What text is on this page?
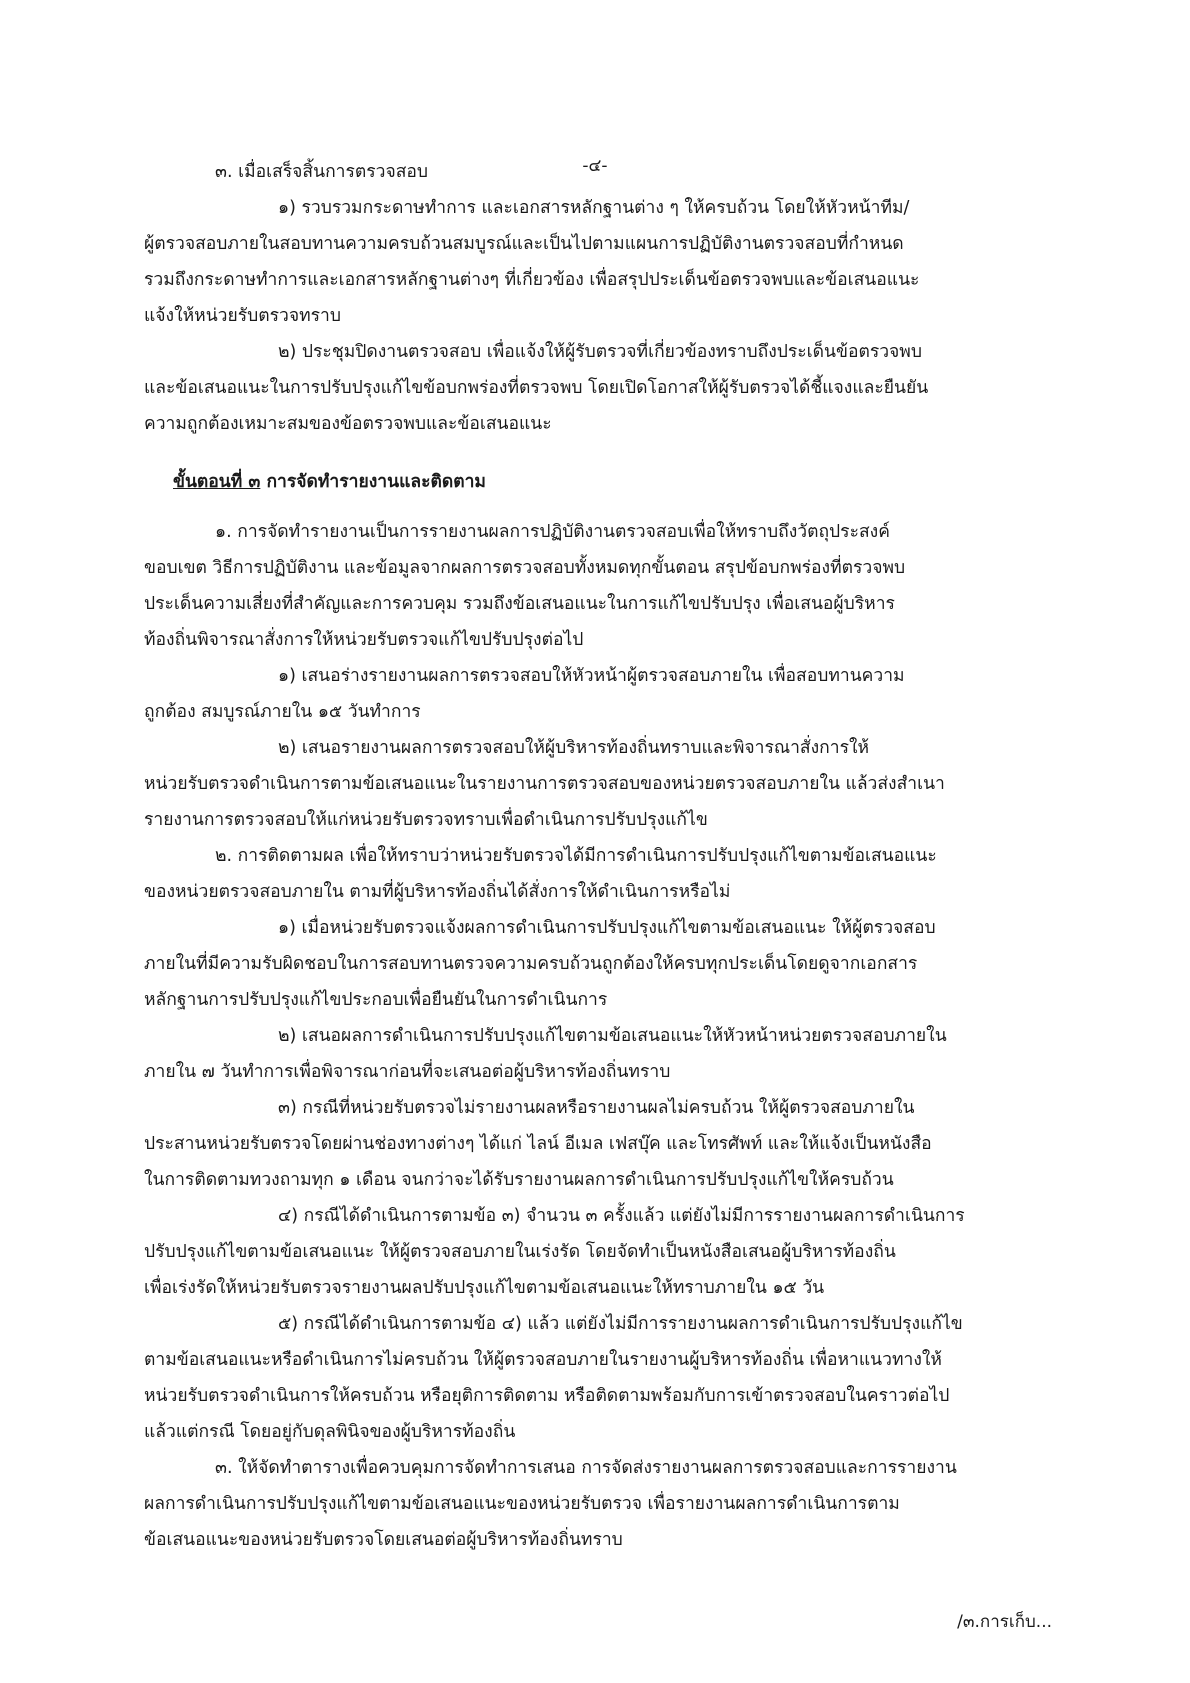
-๔-
ขั้นตอนที่ ๓ การจัดทำรายงานและติดตาม
๓. เมื่อเสร็จสิ้นการตรวจสอบ
๑) รวบรวมกระดาษทำการ และเอกสารหลักฐานต่าง ๆ ให้ครบถ้วน โดยให้หัวหน้าทีม/
ผู้ตรวจสอบภายในสอบทานความครบถ้วนสมบูรณ์และเป็นไปตามแผนการปฏิบัติงานตรวจสอบที่กำหนด
รวมถึงกระดาษทำการและเอกสารหลักฐานต่างๆ ที่เกี่ยวข้อง เพื่อสรุปประเด็นข้อตรวจพบและข้อเสนอแนะ
แจ้งให้หน่วยรับตรวจทราบ
๒) ประชุมปิดงานตรวจสอบ เพื่อแจ้งให้ผู้รับตรวจที่เกี่ยวข้องทราบถึงประเด็นข้อตรวจพบ
และข้อเสนอแนะในการปรับปรุงแก้ไขข้อบกพร่องที่ตรวจพบ โดยเปิดโอกาสให้ผู้รับตรวจได้ชี้แจงและยืนยัน
ความถูกต้องเหมาะสมของข้อตรวจพบและข้อเสนอแนะ
๑. การจัดทำรายงานเป็นการรายงานผลการปฏิบัติงานตรวจสอบเพื่อให้ทราบถึงวัตถุประสงค์
ขอบเขต วิธีการปฏิบัติงาน และข้อมูลจากผลการตรวจสอบทั้งหมดทุกขั้นตอน สรุปข้อบกพร่องที่ตรวจพบ
ประเด็นความเสี่ยงที่สำคัญและการควบคุม รวมถึงข้อเสนอแนะในการแก้ไขปรับปรุง เพื่อเสนอผู้บริหาร
ท้องถิ่นพิจารณาสั่งการให้หน่วยรับตรวจแก้ไขปรับปรุงต่อไป
๑) เสนอร่างรายงานผลการตรวจสอบให้หัวหน้าผู้ตรวจสอบภายใน เพื่อสอบทานความ
ถูกต้อง สมบูรณ์ภายใน ๑๕ วันทำการ
๒) เสนอรายงานผลการตรวจสอบให้ผู้บริหารท้องถิ่นทราบและพิจารณาสั่งการให้
หน่วยรับตรวจดำเนินการตามข้อเสนอแนะในรายงานการตรวจสอบของหน่วยตรวจสอบภายใน แล้วส่งสำเนา
รายงานการตรวจสอบให้แก่หน่วยรับตรวจทราบเพื่อดำเนินการปรับปรุงแก้ไข
๒. การติดตามผล เพื่อให้ทราบว่าหน่วยรับตรวจได้มีการดำเนินการปรับปรุงแก้ไขตามข้อเสนอแนะ
ของหน่วยตรวจสอบภายใน ตามที่ผู้บริหารท้องถิ่นได้สั่งการให้ดำเนินการหรือไม่
๑) เมื่อหน่วยรับตรวจแจ้งผลการดำเนินการปรับปรุงแก้ไขตามข้อเสนอแนะ ให้ผู้ตรวจสอบ
ภายในที่มีความรับผิดชอบในการสอบทานตรวจความครบถ้วนถูกต้องให้ครบทุกประเด็นโดยดูจากเอกสาร
หลักฐานการปรับปรุงแก้ไขประกอบเพื่อยืนยันในการดำเนินการ
๒) เสนอผลการดำเนินการปรับปรุงแก้ไขตามข้อเสนอแนะให้หัวหน้าหน่วยตรวจสอบภายใน
ภายใน ๗ วันทำการเพื่อพิจารณาก่อนที่จะเสนอต่อผู้บริหารท้องถิ่นทราบ
๓) กรณีที่หน่วยรับตรวจไม่รายงานผลหรือรายงานผลไม่ครบถ้วน ให้ผู้ตรวจสอบภายใน
ประสานหน่วยรับตรวจโดยผ่านช่องทางต่างๆ ได้แก่ ไลน์ อีเมล เฟสบุ๊ค และโทรศัพท์ และให้แจ้งเป็นหนังสือ
ในการติดตามทวงถามทุก ๑ เดือน จนกว่าจะได้รับรายงานผลการดำเนินการปรับปรุงแก้ไขให้ครบถ้วน
๔) กรณีได้ดำเนินการตามข้อ ๓) จำนวน ๓ ครั้งแล้ว แต่ยังไม่มีการรายงานผลการดำเนินการ
ปรับปรุงแก้ไขตามข้อเสนอแนะ ให้ผู้ตรวจสอบภายในเร่งรัด โดยจัดทำเป็นหนังสือเสนอผู้บริหารท้องถิ่น
เพื่อเร่งรัดให้หน่วยรับตรวจรายงานผลปรับปรุงแก้ไขตามข้อเสนอแนะให้ทราบภายใน ๑๕ วัน
๕) กรณีได้ดำเนินการตามข้อ ๔) แล้ว แต่ยังไม่มีการรายงานผลการดำเนินการปรับปรุงแก้ไข
ตามข้อเสนอแนะหรือดำเนินการไม่ครบถ้วน ให้ผู้ตรวจสอบภายในรายงานผู้บริหารท้องถิ่น เพื่อหาแนวทางให้
หน่วยรับตรวจดำเนินการให้ครบถ้วน หรือยุติการติดตาม หรือติดตามพร้อมกับการเข้าตรวจสอบในคราวต่อไป
แล้วแต่กรณี โดยอยู่กับดุลพินิจของผู้บริหารท้องถิ่น
๓. ให้จัดทำตารางเพื่อควบคุมการจัดทำการเสนอ การจัดส่งรายงานผลการตรวจสอบและการรายงาน
ผลการดำเนินการปรับปรุงแก้ไขตามข้อเสนอแนะของหน่วยรับตรวจ เพื่อรายงานผลการดำเนินการตาม
ข้อเสนอแนะของหน่วยรับตรวจโดยเสนอต่อผู้บริหารท้องถิ่นทราบ
/๓.การเก็บ...
